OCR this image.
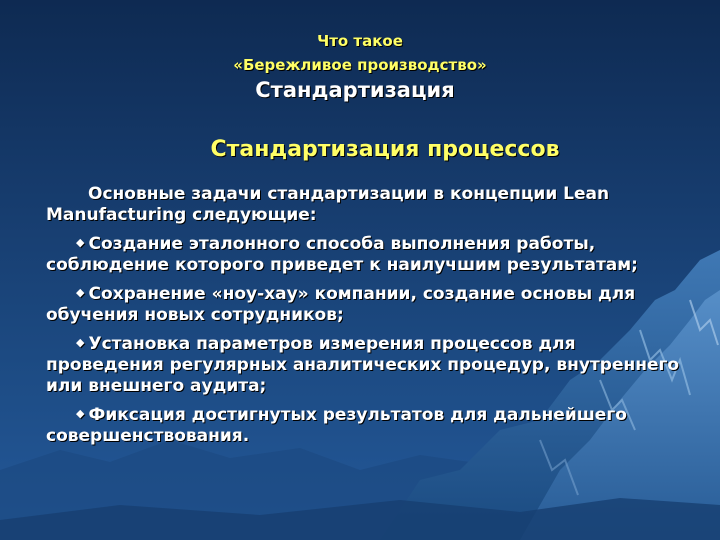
Что такое
«Бережливое производство»
Стандартизация
Стандартизация процессов

Основные задачи стандартизации в концепции Lean Manufacturing следующие:

◆ Создание эталонного способа выполнения работы, соблюдение которого приведет к наилучшим результатам;

◆ Сохранение «ноу-хау» компании, создание основы для обучения новых сотрудников;

◆ Установка параметров измерения процессов для проведения регулярных аналитических процедур, внутреннего или внешнего аудита;

◆ Фиксация достигнутых результатов для дальнейшего совершенствования.
